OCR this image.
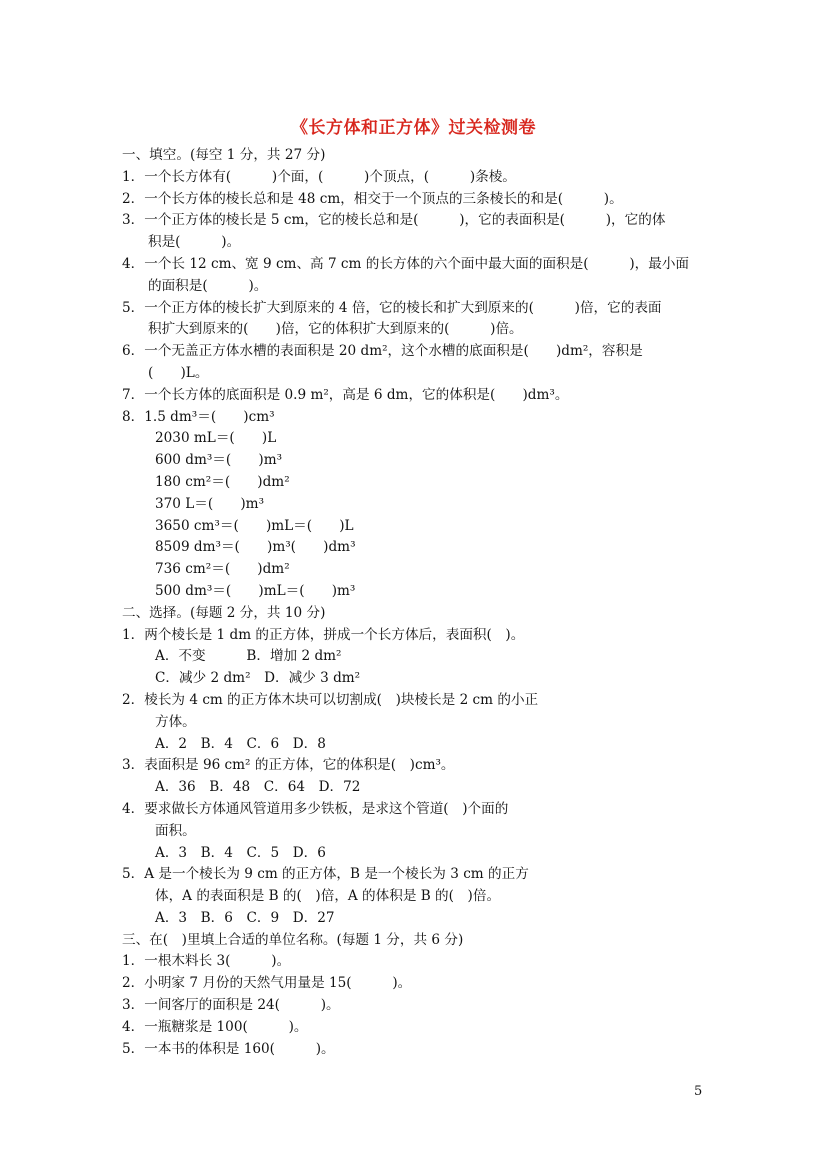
《长方体和正方体》过关检测卷
一、填空。(每空 1 分，共 27 分)
1．一个长方体有(　　　)个面，(　　　)个顶点，(　　　)条棱。
2．一个长方体的棱长总和是 48 cm，相交于一个顶点的三条棱长的和是(　　　)。
3．一个正方体的棱长是 5 cm，它的棱长总和是(　　　)，它的表面积是(　　　)，它的体
积是(　　　)。
4．一个长 12 cm、宽 9 cm、高 7 cm 的长方体的六个面中最大面的面积是(　　　)，最小面
的面积是(　　　)。
5．一个正方体的棱长扩大到原来的 4 倍，它的棱长和扩大到原来的(　　　)倍，它的表面
积扩大到原来的(　　)倍，它的体积扩大到原来的(　　　)倍。
6．一个无盖正方体水槽的表面积是 20 dm²，这个水槽的底面积是(　　)dm²，容积是
(　　)L。
7．一个长方体的底面积是 0.9 m²，高是 6 dm，它的体积是(　　)dm³。
8．1.5 dm³＝(　　)cm³
2030 mL＝(　　)L
600 dm³＝(　　)m³
180 cm²＝(　　)dm²
370 L＝(　　)m³
3650 cm³＝(　　)mL＝(　　)L
8509 dm³＝(　　)m³(　　)dm³
736 cm²＝(　　)dm²
500 dm³＝(　　)mL＝(　　)m³
二、选择。(每题 2 分，共 10 分)
1．两个棱长是 1 dm 的正方体，拼成一个长方体后，表面积(　)。
A．不变　　　B．增加 2 dm²
C．减少 2 dm²　D．减少 3 dm²
2．棱长为 4 cm 的正方体木块可以切割成(　)块棱长是 2 cm 的小正
方体。
A．2　B．4　C．6　D．8
3．表面积是 96 cm² 的正方体，它的体积是(　)cm³。
A．36　B．48　C．64　D．72
4．要求做长方体通风管道用多少铁板，是求这个管道(　)个面的
面积。
A．3　B．4　C．5　D．6
5．A 是一个棱长为 9 cm 的正方体，B 是一个棱长为 3 cm 的正方
体，A 的表面积是 B 的(　)倍，A 的体积是 B 的(　)倍。
A．3　B．6　C．9　D．27
三、在(　)里填上合适的单位名称。(每题 1 分，共 6 分)
1．一根木料长 3(　　　)。
2．小明家 7 月份的天然气用量是 15(　　　)。
3．一间客厅的面积是 24(　　　)。
4．一瓶糖浆是 100(　　　)。
5．一本书的体积是 160(　　　)。
5
